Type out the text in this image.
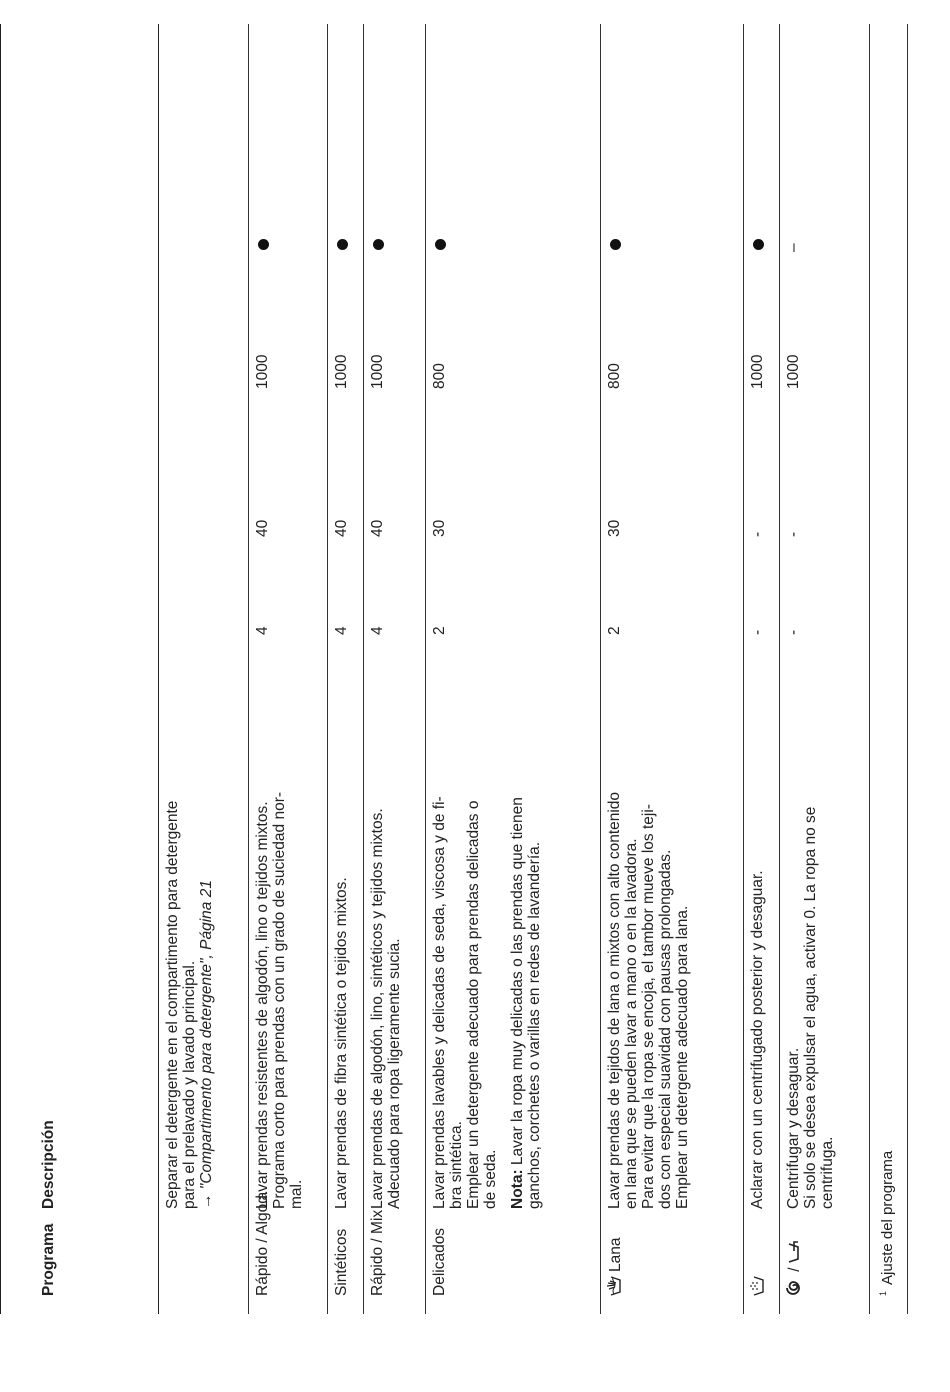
Programa
Descripción	Separar el detergente en el compartimento para detergente para el prelavado y lavado principal. → "Compartimento para detergente", Página 21
Rápido / Algod.
Lavar prendas resistentes de algodón, lino o tejidos mixtos. Programa corto para prendas con un grado de suciedad nor- mal.
4
40
1000
Sintéticos
Lavar prendas de fibra sintética o tejidos mixtos.
4
40
1000
Rápido / Mix
Lavar prendas de algodón, lino, sintéticos y tejidos mixtos. Adecuado para ropa ligeramente sucia.
4
40
1000
Delicados
Lavar prendas lavables y delicadas de seda, viscosa y de fi- bra sintética. Emplear un detergente adecuado para prendas delicadas o de seda. Nota: Lavar la ropa muy delicadas o las prendas que tienen ganchos, corchetes o varillas en redes de lavandería.
2
30
800
Lana
Lavar prendas de tejidos de lana o mixtos con alto contenido en lana que se pueden lavar a mano o en la lavadora. Para evitar que la ropa se encoja, el tambor mueve los teji- dos con especial suavidad con pausas prolongadas. Emplear un detergente adecuado para lana.
2
30
800
Aclarar con un centrifugado posterior y desaguar.
-
-
1000
/
Centrifugar y desaguar. Si solo se desea expulsar el agua, activar 0. La ropa no se centrifuga.
-
-
1000
–
$^1$Ajuste del programa
